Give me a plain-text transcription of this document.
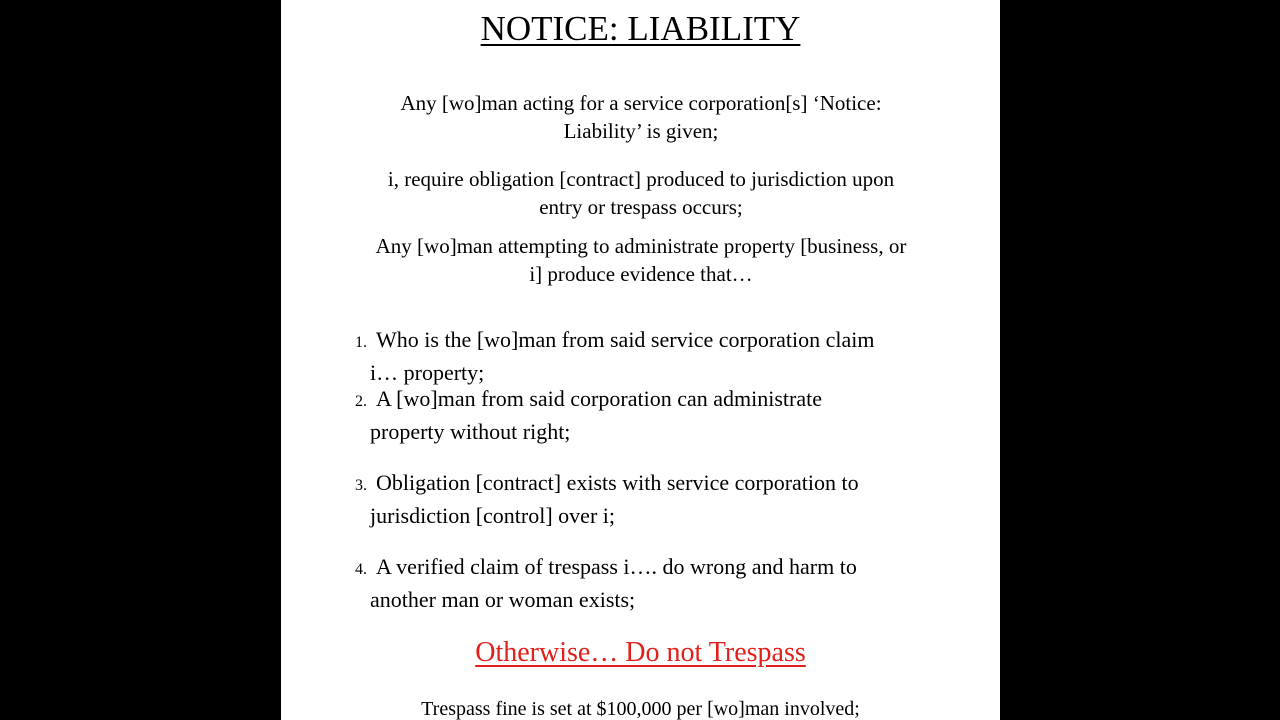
NOTICE: LIABILITY
Any [wo]man acting for a service corporation[s] ‘Notice:
Liability’ is given;
i, require obligation [contract] produced to jurisdiction upon
entry or trespass occurs;
Any [wo]man attempting to administrate property [business, or
i] produce evidence that…
1. Who is the [wo]man from said service corporation claim
i… property;
2. A [wo]man from said corporation can administrate
property without right;
3. Obligation [contract] exists with service corporation to
jurisdiction [control] over i;
4. A verified claim of trespass i…. do wrong and harm to
another man or woman exists;
Otherwise… Do not Trespass
Trespass fine is set at $100,000 per [wo]man involved;
